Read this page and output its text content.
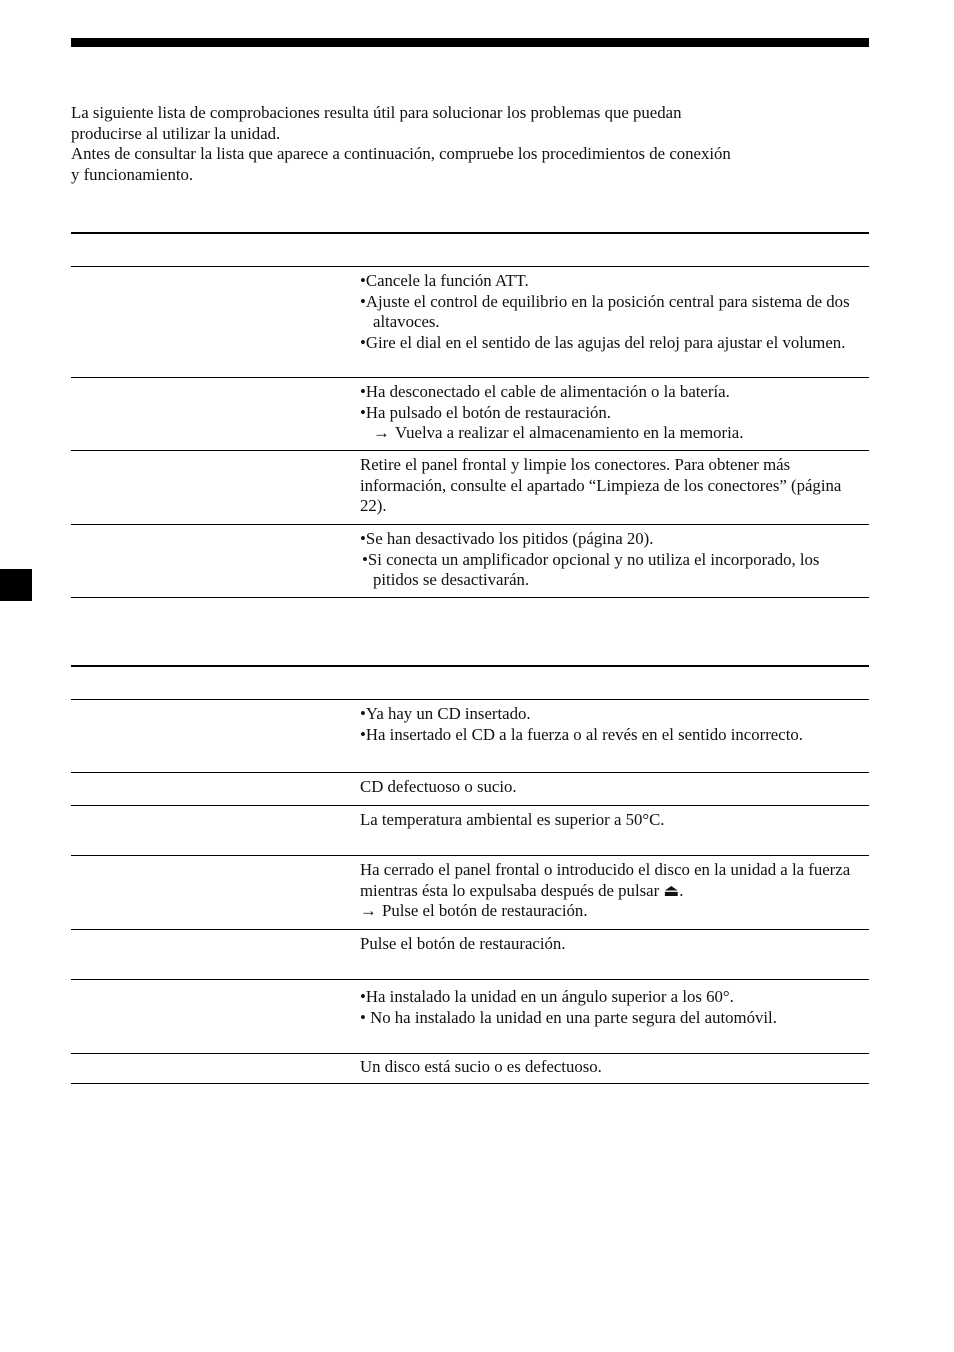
La siguiente lista de comprobaciones resulta útil para solucionar los problemas que puedan

producirse al utilizar la unidad.

Antes de consultar la lista que aparece a continuación, compruebe los procedimientos de conexión

y funcionamiento.

•Cancele la función ATT.

•Ajuste el control de equilibrio en la posición central para sistema de dos altavoces.

•Gire el dial en el sentido de las agujas del reloj para ajustar el volumen.

•Ha desconectado el cable de alimentación o la batería.

•Ha pulsado el botón de restauración.

→ Vuelva a realizar el almacenamiento en la memoria.

Retire el panel frontal y limpie los conectores. Para obtener más información, consulte el apartado “Limpieza de los conectores” (página 22).

•Se han desactivado los pitidos (página 20).

•Si conecta un amplificador opcional y no utiliza el incorporado, los pitidos se desactivarán.

•Ya hay un CD insertado.

•Ha insertado el CD a la fuerza o al revés en el sentido incorrecto.

CD defectuoso o sucio.

La temperatura ambiental es superior a 50°C.

Ha cerrado el panel frontal o introducido el disco en la unidad a la fuerza mientras ésta lo expulsaba después de pulsar ⏏.

→ Pulse el botón de restauración.

Pulse el botón de restauración.

•Ha instalado la unidad en un ángulo superior a los 60°.

• No ha instalado la unidad en una parte segura del automóvil.

Un disco está sucio o es defectuoso.
